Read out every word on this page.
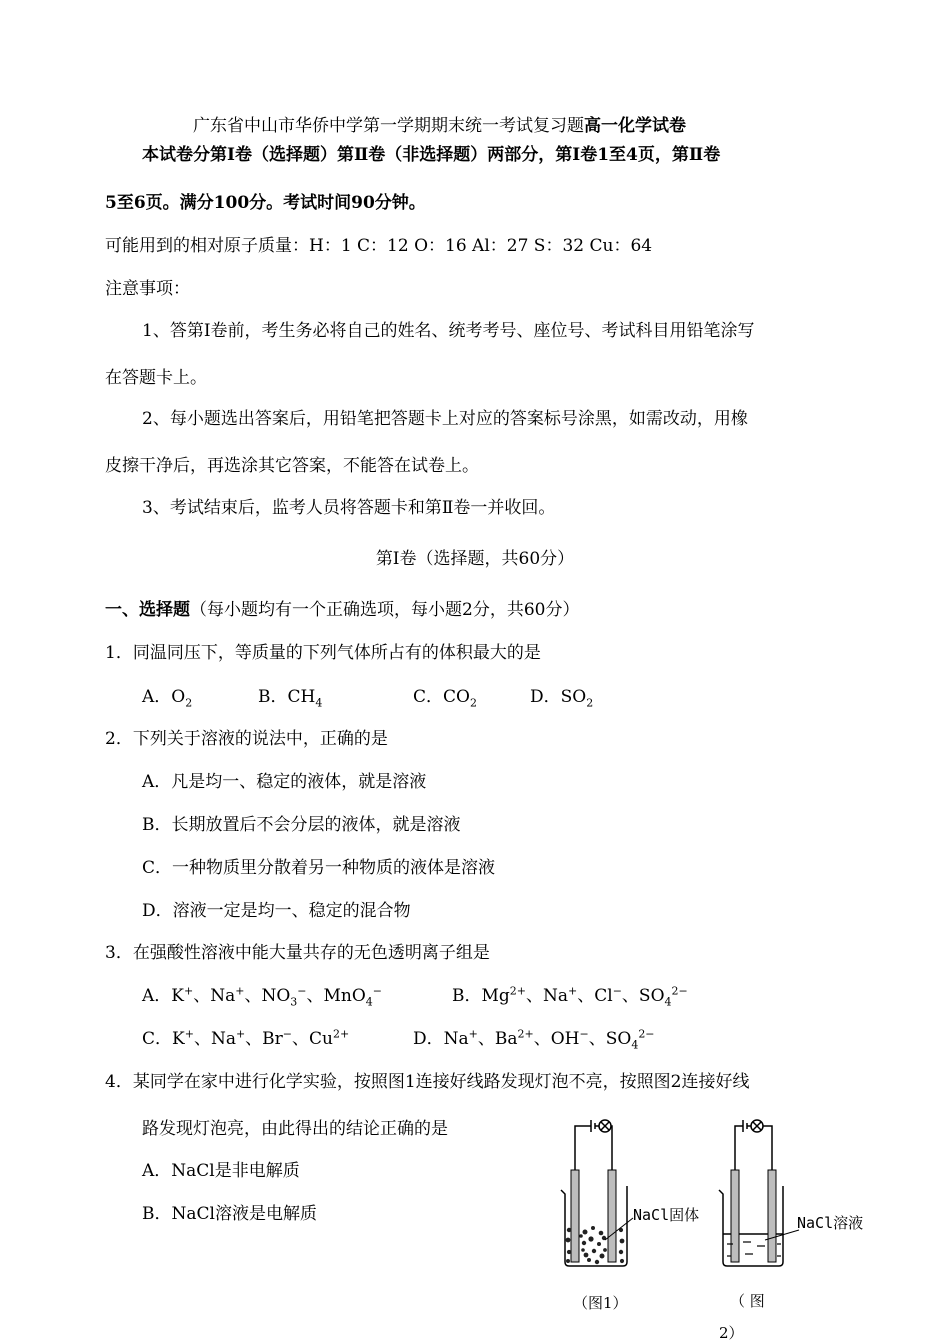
广东省中山市华侨中学第一学期期末统一考试复习题高一化学试卷
本试卷分第Ⅰ卷（选择题）第Ⅱ卷（非选择题）两部分，第Ⅰ卷1至4页，第Ⅱ卷
5至6页。满分100分。考试时间90分钟。
可能用到的相对原子质量：H：1 C：12 O：16 Al：27 S：32 Cu：64
注意事项：
1、答第I卷前，考生务必将自己的姓名、统考考号、座位号、考试科目用铅笔涂写
在答题卡上。
2、每小题选出答案后，用铅笔把答题卡上对应的答案标号涂黑，如需改动，用橡
皮擦干净后，再选涂其它答案，不能答在试卷上。
3、考试结束后，监考人员将答题卡和第Ⅱ卷一并收回。
第I卷（选择题，共60分）
一、选择题（每小题均有一个正确选项，每小题2分，共60分）
1．同温同压下，等质量的下列气体所占有的体积最大的是
A．$O_2$	B．$CH_4$	C．$CO_2$	D．$SO_2$
2．下列关于溶液的说法中，正确的是
A．凡是均一、稳定的液体，就是溶液
B．长期放置后不会分层的液体，就是溶液
C．一种物质里分散着另一种物质的液体是溶液
D．溶液一定是均一、稳定的混合物
3．在强酸性溶液中能大量共存的无色透明离子组是
A．K+、Na+、$NO_3^-$、MnO$_4$−	B．$Mg^{2+}$、Na+、Cl−、$SO_4^{2-}$
C．K+、Na+、Br−、$Cu^{2+}$	D．Na+、$Ba^{2+}$、OH−、$SO_4^{2-}$
4．某同学在家中进行化学实验，按照图1连接好线路发现灯泡不亮，按照图2连接好线
路发现灯泡亮，由此得出的结论正确的是
A．NaCl是非电解质
B．NaCl溶液是电解质	NaCl固体
（图1）
NaCl溶液
（ 图
2）
